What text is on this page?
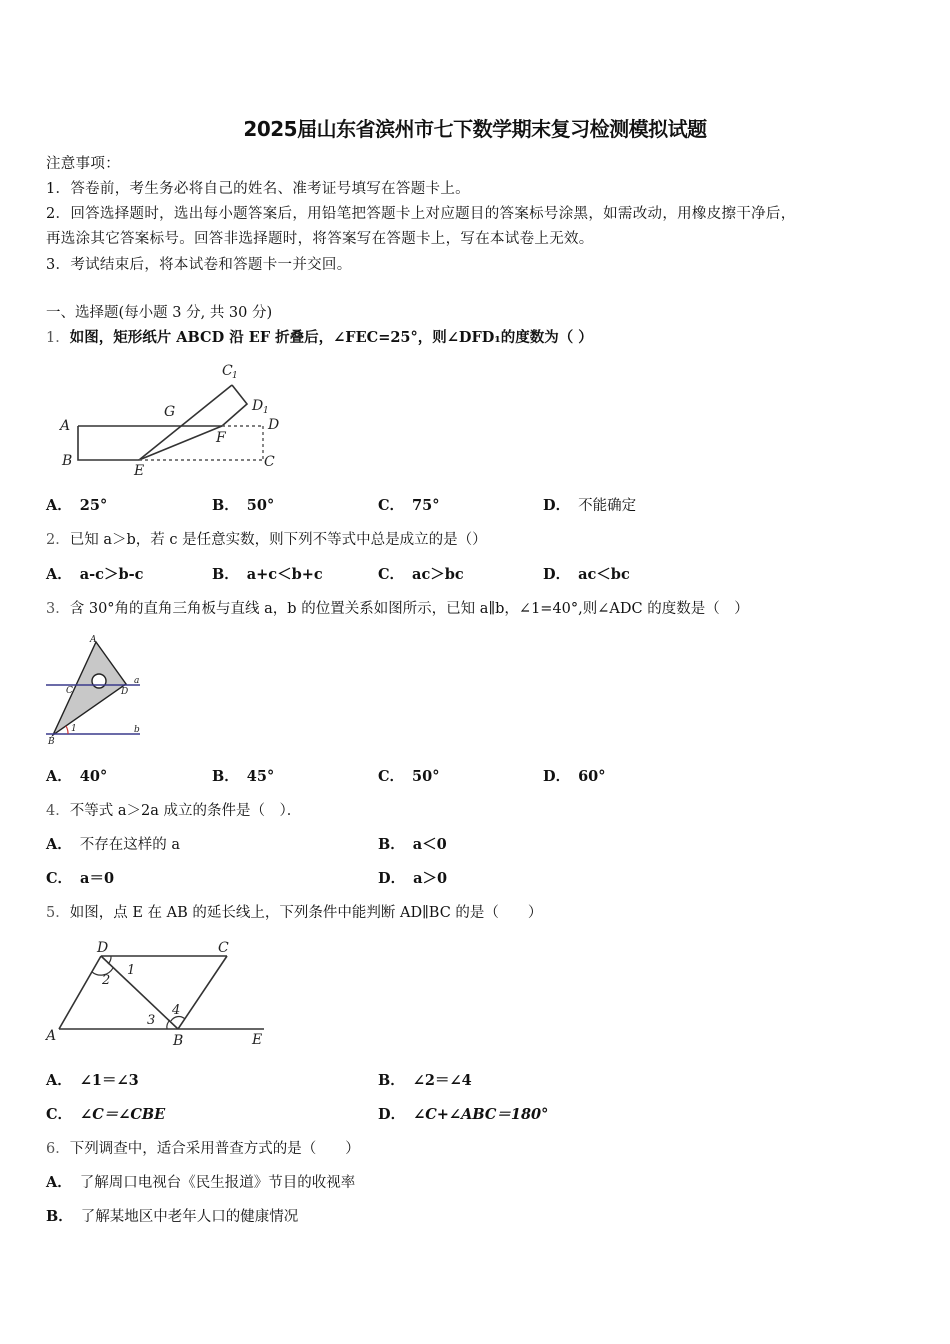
2025届山东省滨州市七下数学期末复习检测模拟试题
注意事项：
1．答卷前，考生务必将自己的姓名、准考证号填写在答题卡上。
2．回答选择题时，选出每小题答案后，用铅笔把答题卡上对应题目的答案标号涂黑，如需改动，用橡皮擦干净后，
再选涂其它答案标号。回答非选择题时，将答案写在答题卡上，写在本试卷上无效。
3．考试结束后，将本试卷和答题卡一并交回。
一、选择题(每小题 3 分, 共 30 分)
1．如图，矩形纸片 ABCD 沿 EF 折叠后，∠FEC=25°，则∠DFD₁的度数为（ ）
A
B	C
D
E
F
G
C 1
D 1
A． 25°	B． 50°	C． 75°	D． 不能确定
2．已知 a＞b，若 c 是任意实数，则下列不等式中总是成立的是（）
A． a-c＞b-c	B． a+c＜b+c	C． ac＞bc	D． ac＜bc
3．含 30°角的直角三角板与直线 a，b 的位置关系如图所示，已知 a∥b，∠1=40°,则∠ADC 的度数是（　）
A
B
C	D
a
b
1
A． 40°	B． 45°	C． 50°	D． 60°
4．不等式 a＞2a 成立的条件是（　）．
A． 不存在这样的 a	B． a＜0
C． a＝0	D． a＞0
5．如图，点 E 在 AB 的延长线上，下列条件中能判断 AD∥BC 的是（　　）
D	C
A	B	E
1
2
3
4
A． ∠1＝∠3	B． ∠2＝∠4
C． ∠C＝∠CBE	D． ∠C+∠ABC＝180°
6．下列调查中，适合采用普查方式的是（　　）
A． 了解周口电视台《民生报道》节目的收视率
B． 了解某地区中老年人口的健康情况
